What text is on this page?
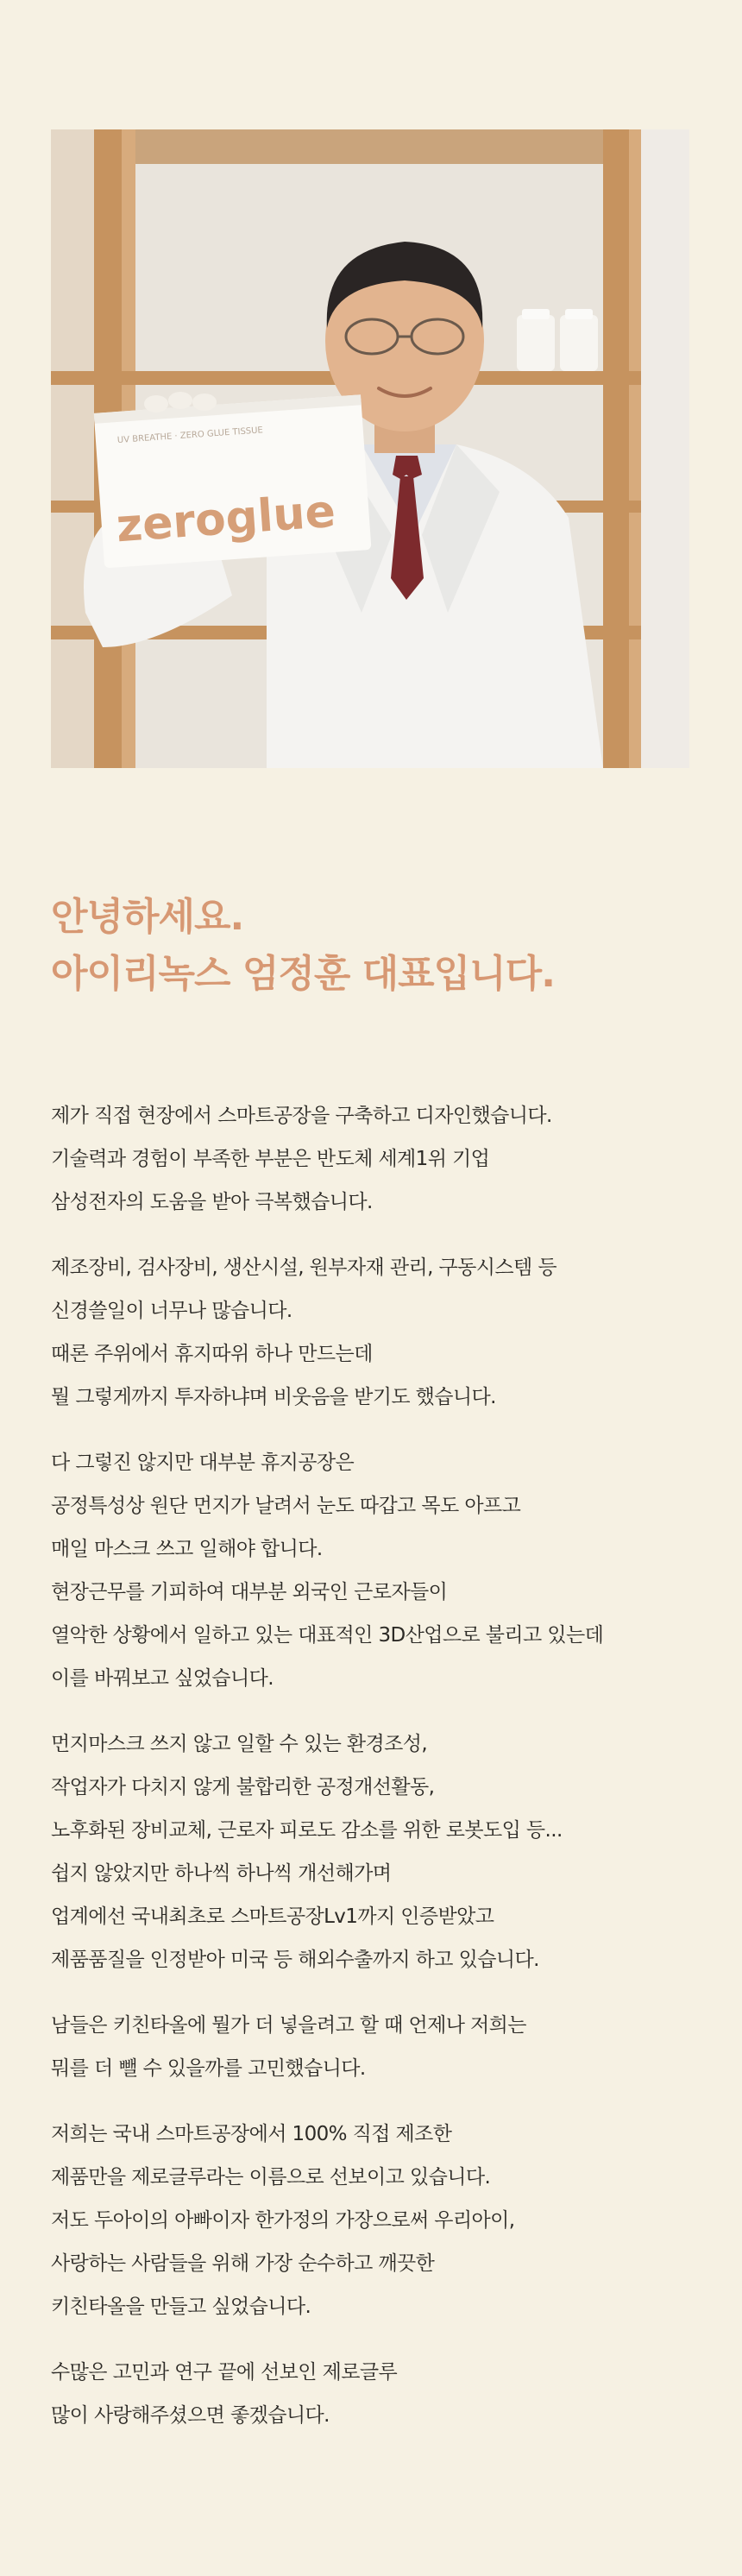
UV BREATHE · ZERO GLUE TISSUE
zeroglue
안녕하세요.
아이리녹스 엄정훈 대표입니다.

제가 직접 현장에서 스마트공장을 구축하고 디자인했습니다.
기술력과 경험이 부족한 부분은 반도체 세계1위 기업
삼성전자의 도움을 받아 극복했습니다.

제조장비, 검사장비, 생산시설, 원부자재 관리, 구동시스템 등
신경쓸일이 너무나 많습니다.
때론 주위에서 휴지따위 하나 만드는데
뭘 그렇게까지 투자하냐며 비웃음을 받기도 했습니다.

다 그렇진 않지만 대부분 휴지공장은
공정특성상 원단 먼지가 날려서 눈도 따갑고 목도 아프고
매일 마스크 쓰고 일해야 합니다.
현장근무를 기피하여 대부분 외국인 근로자들이
열악한 상황에서 일하고 있는 대표적인 3D산업으로 불리고 있는데
이를 바꿔보고 싶었습니다.

먼지마스크 쓰지 않고 일할 수 있는 환경조성,
작업자가 다치지 않게 불합리한 공정개선활동,
노후화된 장비교체, 근로자 피로도 감소를 위한 로봇도입 등...
쉽지 않았지만 하나씩 하나씩 개선해가며
업계에선 국내최초로 스마트공장Lv1까지 인증받았고
제품품질을 인정받아 미국 등 해외수출까지 하고 있습니다.

남들은 키친타올에 뭘가 더 넣을려고 할 때 언제나 저희는
뭐를 더 뺄 수 있을까를 고민했습니다.

저희는 국내 스마트공장에서 100% 직접 제조한
제품만을 제로글루라는 이름으로 선보이고 있습니다.
저도 두아이의 아빠이자 한가정의 가장으로써 우리아이,
사랑하는 사람들을 위해 가장 순수하고 깨끗한
키친타올을 만들고 싶었습니다.

수많은 고민과 연구 끝에 선보인 제로글루
많이 사랑해주셨으면 좋겠습니다.
